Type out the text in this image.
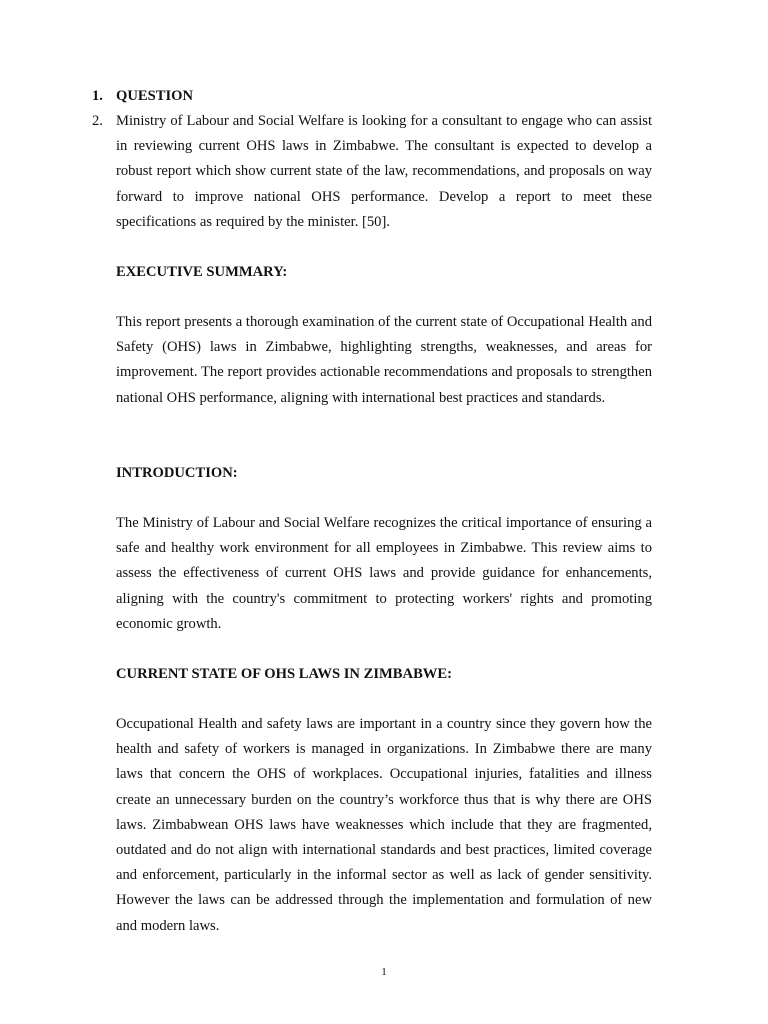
1. QUESTION
2. Ministry of Labour and Social Welfare is looking for a consultant to engage who can assist in reviewing current OHS laws in Zimbabwe. The consultant is expected to develop a robust report which show current state of the law, recommendations, and proposals on way forward to improve national OHS performance. Develop a report to meet these specifications as required by the minister. [50].
EXECUTIVE SUMMARY:
This report presents a thorough examination of the current state of Occupational Health and Safety (OHS) laws in Zimbabwe, highlighting strengths, weaknesses, and areas for improvement. The report provides actionable recommendations and proposals to strengthen national OHS performance, aligning with international best practices and standards.
INTRODUCTION:
The Ministry of Labour and Social Welfare recognizes the critical importance of ensuring a safe and healthy work environment for all employees in Zimbabwe. This review aims to assess the effectiveness of current OHS laws and provide guidance for enhancements, aligning with the country's commitment to protecting workers' rights and promoting economic growth.
CURRENT STATE OF OHS LAWS IN ZIMBABWE:
Occupational Health and safety laws are important in a country since they govern how the health and safety of workers is managed in organizations. In Zimbabwe there are many laws that concern the OHS of workplaces. Occupational injuries, fatalities and illness create an unnecessary burden on the country’s workforce thus that is why there are OHS laws. Zimbabwean OHS laws have weaknesses which include that they are fragmented, outdated and do not align with international standards and best practices, limited coverage and enforcement, particularly in the informal sector as well as lack of gender sensitivity. However the laws can be addressed through the implementation and formulation of new and modern laws.
1
